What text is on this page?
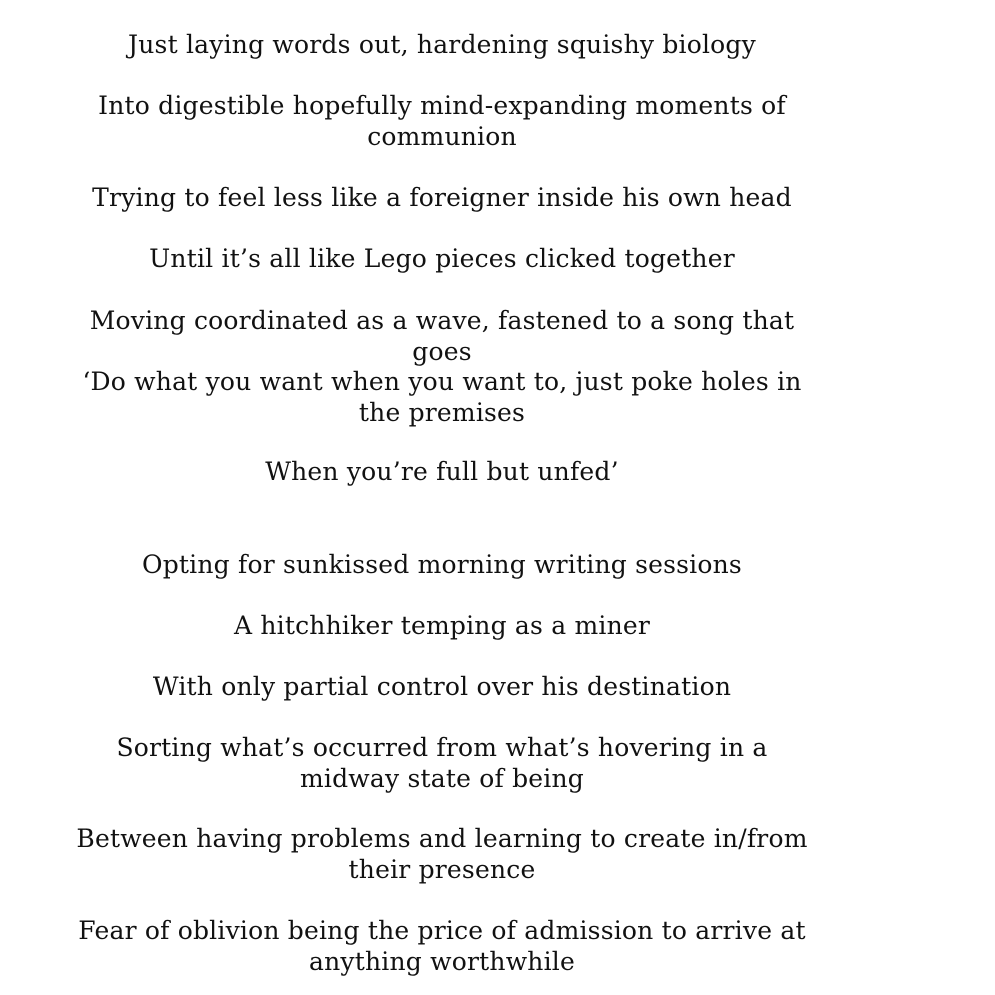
Just laying words out, hardening squishy biology

Into digestible hopefully mind-expanding moments of communion

Trying to feel less like a foreigner inside his own head

Until it’s all like Lego pieces clicked together

Moving coordinated as a wave, fastened to a song that goes

‘Do what you want when you want to, just poke holes in the premises

When you’re full but unfed’

Opting for sunkissed morning writing sessions

A hitchhiker temping as a miner

With only partial control over his destination

Sorting what’s occurred from what’s hovering in a midway state of being

Between having problems and learning to create in/from their presence

Fear of oblivion being the price of admission to arrive at anything worthwhile
